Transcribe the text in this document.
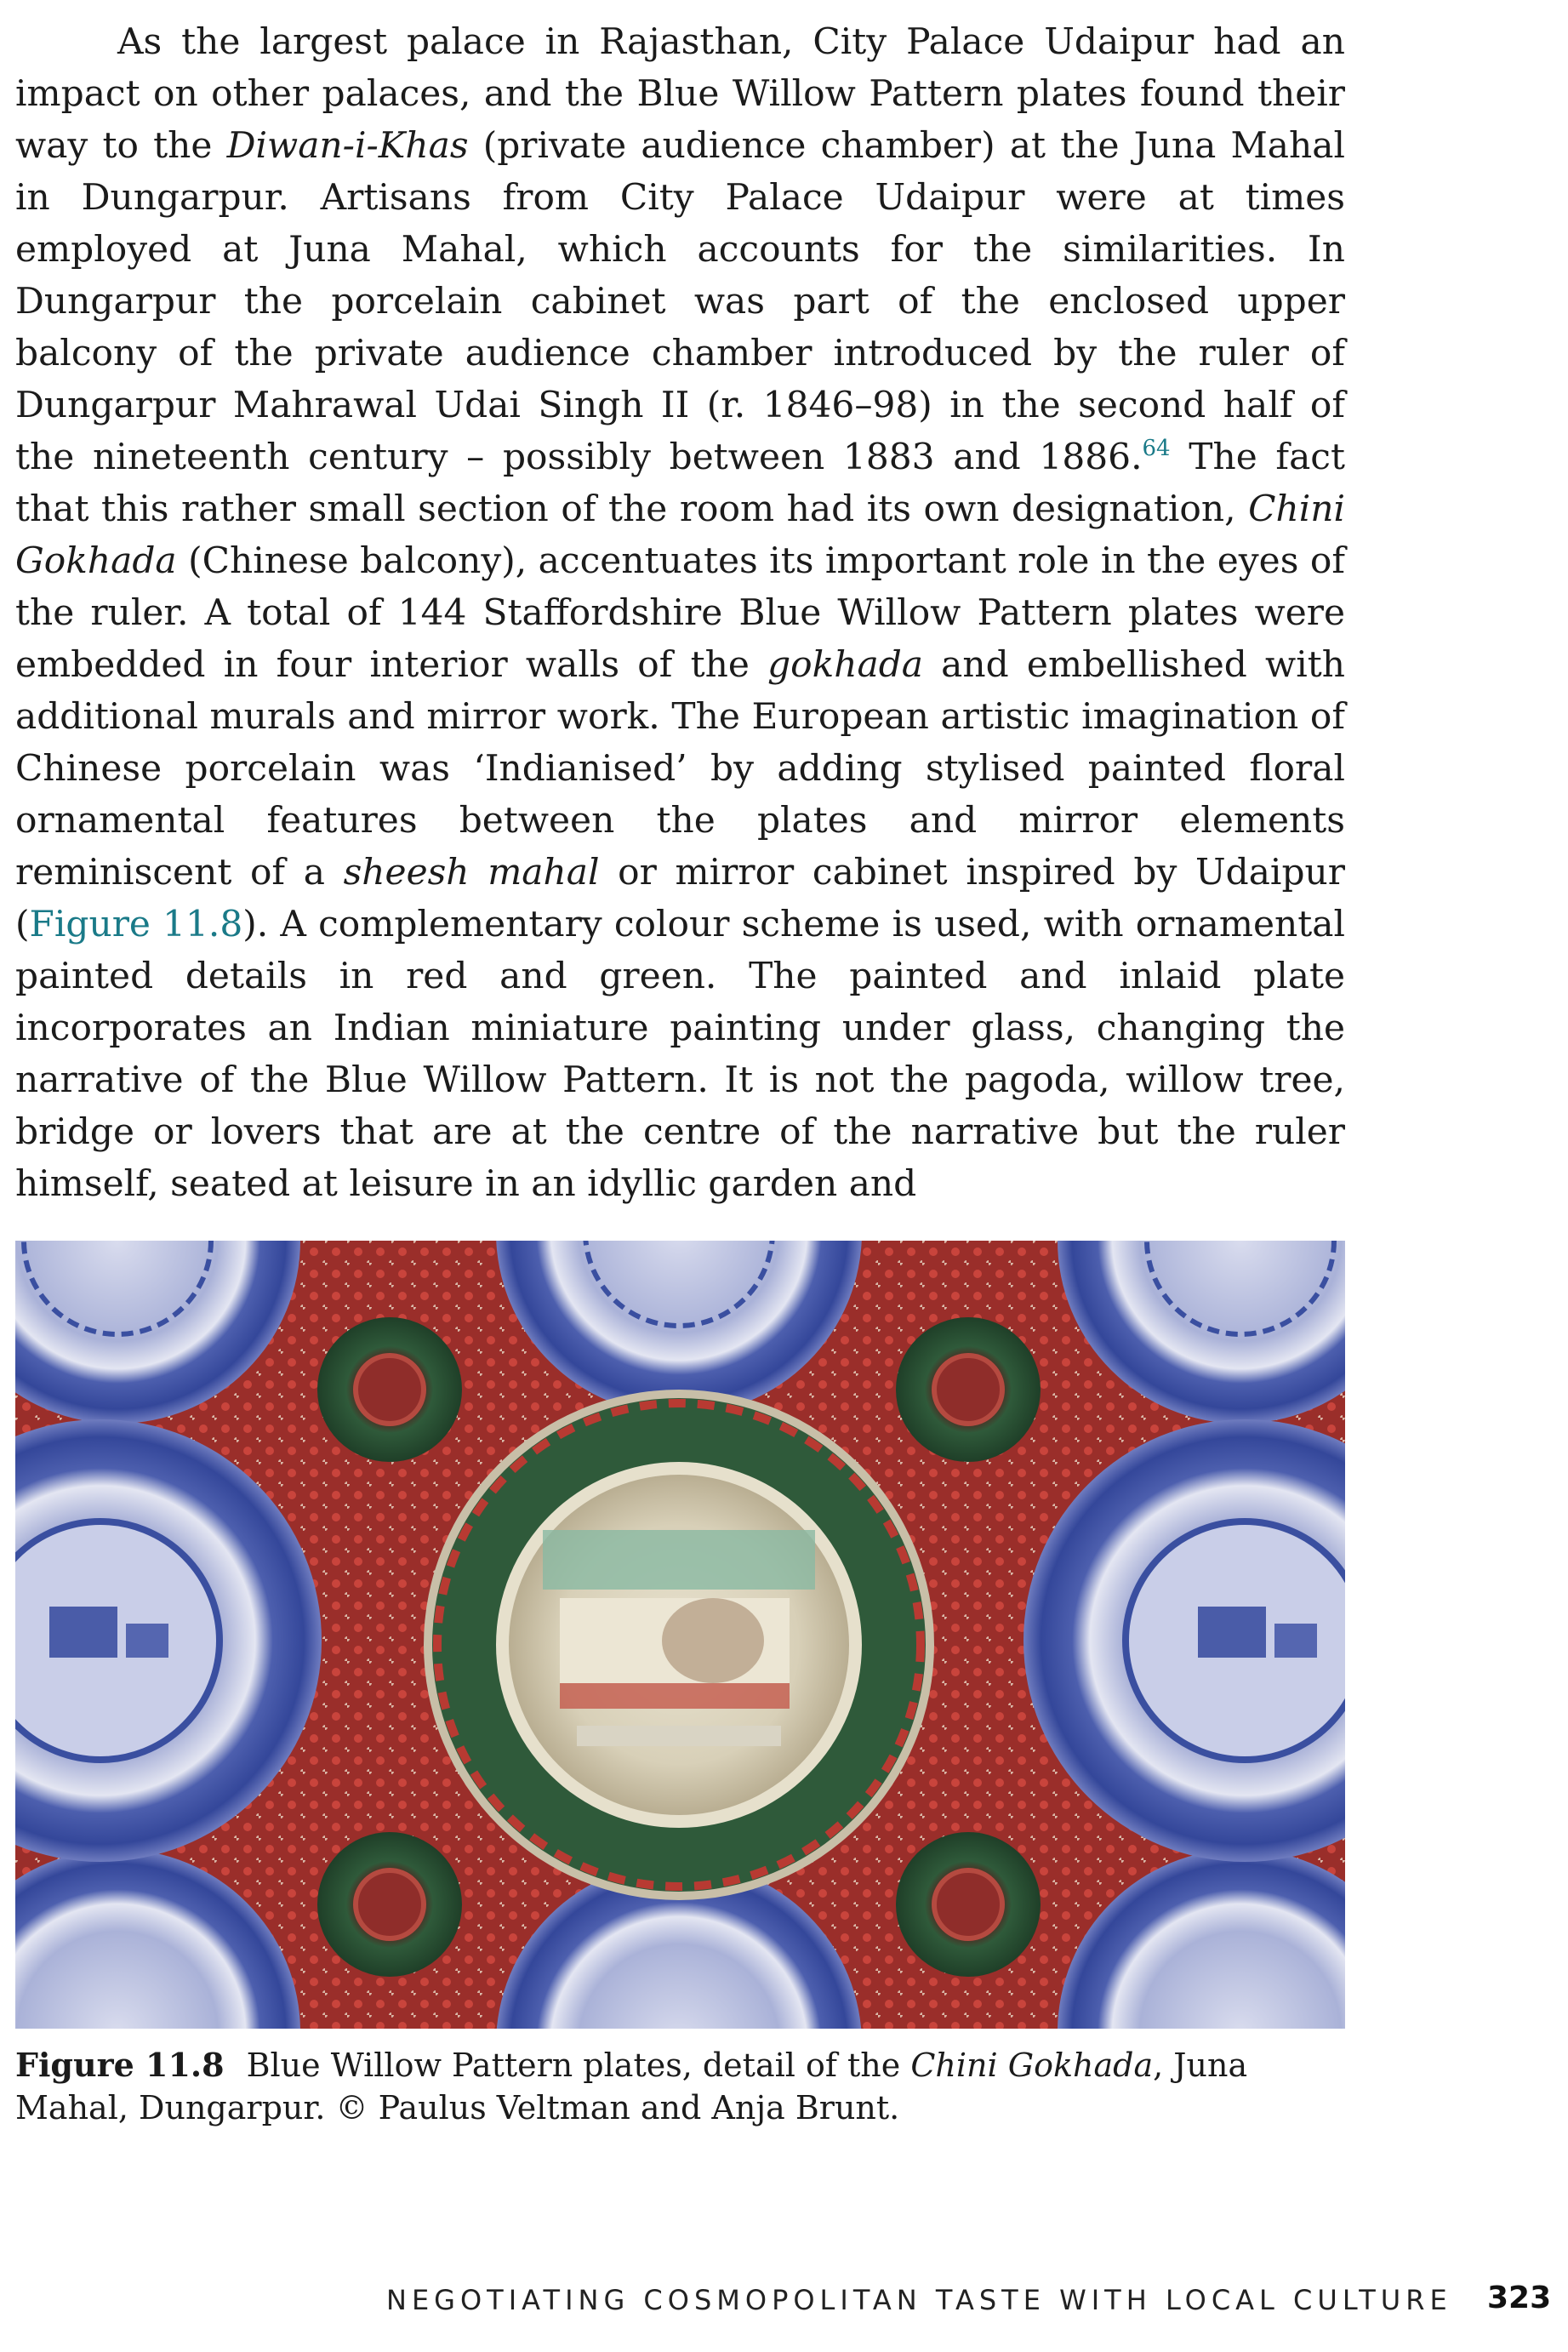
As the largest palace in Rajasthan, City Palace Udaipur had an impact on other palaces, and the Blue Willow Pattern plates found their way to the Diwan-i-Khas (private audience chamber) at the Juna Mahal in Dungarpur. Artisans from City Palace Udaipur were at times employed at Juna Mahal, which accounts for the similarities. In Dungarpur the porcelain cabinet was part of the enclosed upper balcony of the private audience chamber introduced by the ruler of Dungarpur Mahrawal Udai Singh II (r. 1846–98) in the second half of the nineteenth century – possibly between 1883 and 1886.64 The fact that this rather small section of the room had its own designation, Chini Gokhada (Chinese balcony), accentuates its important role in the eyes of the ruler. A total of 144 Staffordshire Blue Willow Pattern plates were embedded in four interior walls of the gokhada and embellished with additional murals and mirror work. The European artistic imagination of Chinese porcelain was ‘Indianised’ by adding stylised painted floral ornamental features between the plates and mirror elements reminiscent of a sheesh mahal or mirror cabinet inspired by Udaipur (Figure 11.8). A complementary colour scheme is used, with ornamental painted details in red and green. The painted and inlaid plate incorporates an Indian miniature painting under glass, changing the narrative of the Blue Willow Pattern. It is not the pagoda, willow tree, bridge or lovers that are at the centre of the narrative but the ruler himself, seated at leisure in an idyllic garden and

Figure 11.8 Blue Willow Pattern plates, detail of the Chini Gokhada, Juna Mahal, Dungarpur. © Paulus Veltman and Anja Brunt.

NEGOTIATING COSMOPOLITAN TASTE WITH LOCAL CULTURE 323
